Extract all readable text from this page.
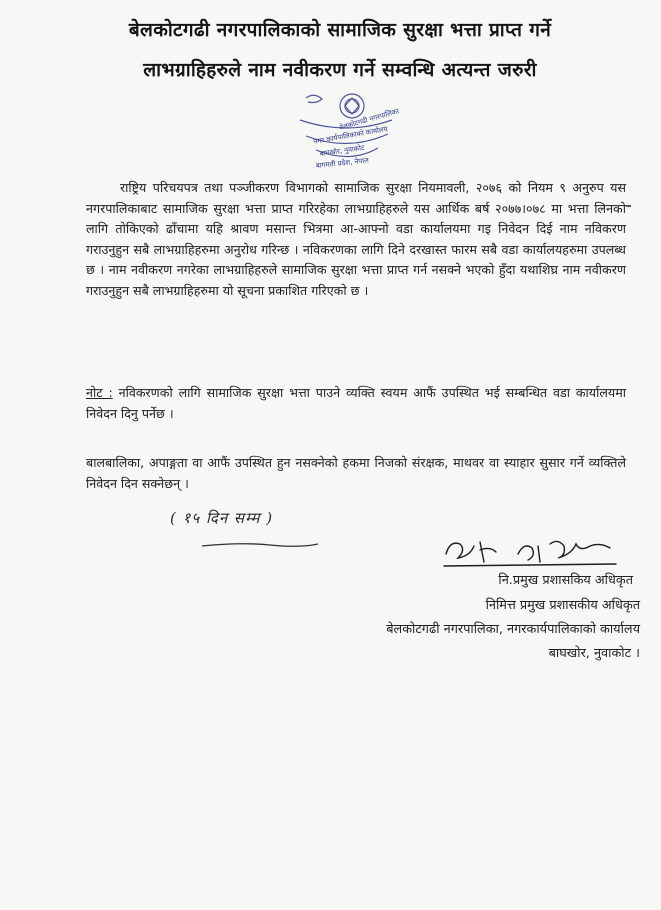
बेलकोटगढी नगरपालिकाको सामाजिक सुरक्षा भत्ता प्राप्त गर्ने
लाभग्राहिहरुले नाम नवीकरण गर्ने सम्वन्धि अत्यन्त जरुरी
बेलकोटगढी नगरपालिका
नगर कार्यपालिकाको कार्यालय
बाघखोर, नुवाकोट
बागमती प्रदेश, नेपाल
राष्ट्रिय परिचयपत्र तथा पञ्जीकरण विभागको सामाजिक सुरक्षा नियमावली, २०७६ को नियम ९ अनुरुप यस नगरपालिकाबाट सामाजिक सुरक्षा भत्ता प्राप्त गरिरहेका लाभग्राहिहरुले यस आर्थिक बर्ष २०७७।०७८ मा भत्ता लिनको लागि तोकिएको ढाँचामा यहि श्रावण मसान्त भित्रमा आ-आफ्नो वडा कार्यालयमा गइ निवेदन दिई नाम नविकरण गराउनुहुन सबै लाभग्राहिहरुमा अनुरोध गरिन्छ । नविकरणका लागि दिने दरखास्त फारम सबै वडा कार्यालयहरुमा उपलब्ध छ । नाम नवीकरण नगरेका लाभग्राहिहरुले सामाजिक सुरक्षा भत्ता प्राप्त गर्न नसक्ने भएको हुँदा यथाशिघ्र नाम नवीकरण गराउनुहुन सबै लाभग्राहिहरुमा यो सूचना प्रकाशित गरिएको छ ।
नोट : नविकरणको लागि सामाजिक सुरक्षा भत्ता पाउने व्यक्ति स्वयम आफैं उपस्थित भई सम्बन्धित वडा कार्यालयमा निवेदन दिनु पर्नेछ ।
बालबालिका, अपाङ्गता वा आफैं उपस्थित हुन नसक्नेको हकमा निजको संरक्षक, माथवर वा स्याहार सुसार गर्ने व्यक्तिले निवेदन दिन सक्नेछन् ।
( १५ दिन सम्म )
नि.प्रमुख प्रशासकिय अधिकृत
निमित्त प्रमुख प्रशासकीय अधिकृत
बेलकोटगढी नगरपालिका, नगरकार्यपालिकाको कार्यालय
बाघखोर, नुवाकोट ।
